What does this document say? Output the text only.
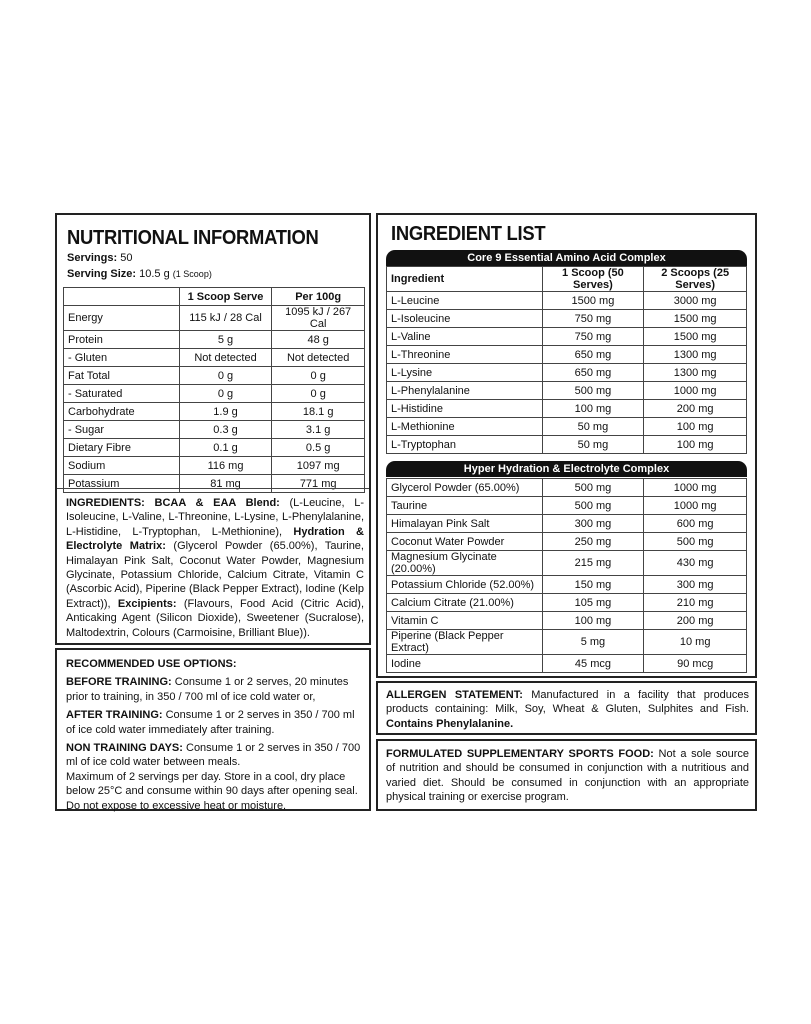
NUTRITIONAL INFORMATION
Servings: 50
Serving Size: 10.5 g (1 Scoop)
	1 Scoop Serve	Per 100g
Energy	115 kJ / 28 Cal	1095 kJ / 267 Cal
Protein	5 g	48 g
- Gluten	Not detected	Not detected
Fat Total	0 g	0 g
- Saturated	0 g	0 g
Carbohydrate	1.9 g	18.1 g
- Sugar	0.3 g	3.1 g
Dietary Fibre	0.1 g	0.5 g
Sodium	116 mg	1097 mg
Potassium	81 mg	771 mg
INGREDIENTS: BCAA & EAA Blend: (L-Leucine, L-Isoleucine, L-Valine, L-Threonine, L-Lysine, L-Phenylalanine, L-Histidine, L-Tryptophan, L-Methionine), Hydration & Electrolyte Matrix: (Glycerol Powder (65.00%), Taurine, Himalayan Pink Salt, Coconut Water Powder, Magnesium Glycinate, Potassium Chloride, Calcium Citrate, Vitamin C (Ascorbic Acid), Piperine (Black Pepper Extract), Iodine (Kelp Extract)), Excipients: (Flavours, Food Acid (Citric Acid), Anticaking Agent (Silicon Dioxide), Sweetener (Sucralose), Maltodextrin, Colours (Carmoisine, Brilliant Blue)).
RECOMMENDED USE OPTIONS:
BEFORE TRAINING: Consume 1 or 2 serves, 20 minutes prior to training, in 350 / 700 ml of ice cold water or,
AFTER TRAINING: Consume 1 or 2 serves in 350 / 700 ml of ice cold water immediately after training.
NON TRAINING DAYS: Consume 1 or 2 serves in 350 / 700 ml of ice cold water between meals.
Maximum of 2 servings per day. Store in a cool, dry place below 25°C and consume within 90 days after opening seal. Do not expose to excessive heat or moisture.
INGREDIENT LIST
Core 9 Essential Amino Acid Complex
Ingredient	1 Scoop (50 Serves)	2 Scoops (25 Serves)
L-Leucine	1500 mg	3000 mg
L-Isoleucine	750 mg	1500 mg
L-Valine	750 mg	1500 mg
L-Threonine	650 mg	1300 mg
L-Lysine	650 mg	1300 mg
L-Phenylalanine	500 mg	1000 mg
L-Histidine	100 mg	200 mg
L-Methionine	50 mg	100 mg
L-Tryptophan	50 mg	100 mg
Hyper Hydration & Electrolyte Complex
Glycerol Powder (65.00%)	500 mg	1000 mg
Taurine	500 mg	1000 mg
Himalayan Pink Salt	300 mg	600 mg
Coconut Water Powder	250 mg	500 mg
Magnesium Glycinate (20.00%)	215 mg	430 mg
Potassium Chloride (52.00%)	150 mg	300 mg
Calcium Citrate (21.00%)	105 mg	210 mg
Vitamin C	100 mg	200 mg
Piperine (Black Pepper Extract)	5 mg	10 mg
Iodine	45 mcg	90 mcg
ALLERGEN STATEMENT: Manufactured in a facility that produces products containing: Milk, Soy, Wheat & Gluten, Sulphites and Fish. Contains Phenylalanine.
FORMULATED SUPPLEMENTARY SPORTS FOOD: Not a sole source of nutrition and should be consumed in conjunction with a nutritious and varied diet. Should be consumed in conjunction with an appropriate physical training or exercise program.
